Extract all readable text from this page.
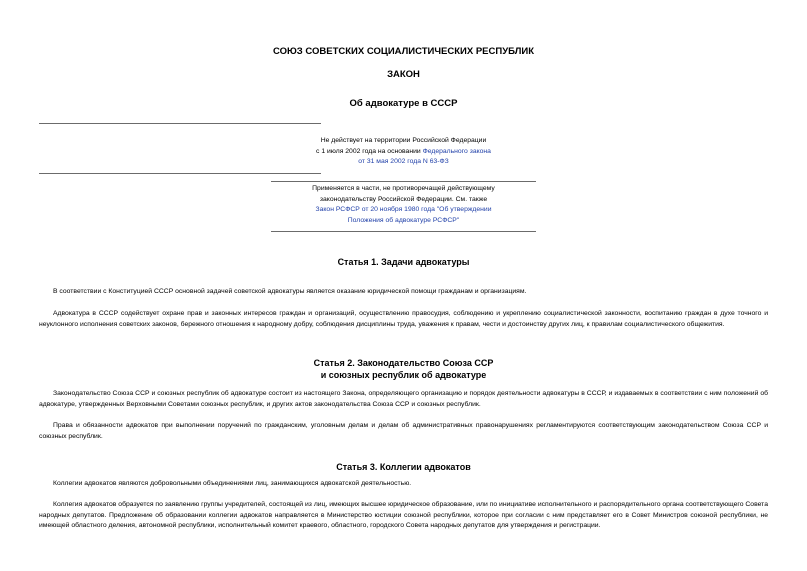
СОЮЗ СОВЕТСКИХ СОЦИАЛИСТИЧЕСКИХ РЕСПУБЛИК
ЗАКОН
Об адвокатуре в СССР
Не действует на территории Российской Федерации
с 1 июля 2002 года на основании Федерального закона
от 31 мая 2002 года N 63-ФЗ
Применяется в части, не противоречащей действующему
законодательству Российской Федерации. См. также
Закон РСФСР от 20 ноября 1980 года "Об утверждении
Положения об адвокатуре РСФСР"
Статья 1. Задачи адвокатуры
В соответствии с Конституцией СССР основной задачей советской адвокатуры является оказание юридической помощи гражданам и организациям.
Адвокатура в СССР содействует охране прав и законных интересов граждан и организаций, осуществлению правосудия, соблюдению и укреплению социалистической законности, воспитанию граждан в духе точного и неуклонного исполнения советских законов, бережного отношения к народному добру, соблюдения дисциплины труда, уважения к правам, чести и достоинству других лиц, к правилам социалистического общежития.
Статья 2. Законодательство Союза ССР
и союзных республик об адвокатуре
Законодательство Союза ССР и союзных республик об адвокатуре состоит из настоящего Закона, определяющего организацию и порядок деятельности адвокатуры в СССР, и издаваемых в соответствии с ним положений об адвокатуре, утвержденных Верховными Советами союзных республик, и других актов законодательства Союза ССР и союзных республик.
Права и обязанности адвокатов при выполнении поручений по гражданским, уголовным делам и делам об административных правонарушениях регламентируются соответствующим законодательством Союза ССР и союзных республик.
Статья 3. Коллегии адвокатов
Коллегии адвокатов являются добровольными объединениями лиц, занимающихся адвокатской деятельностью.
Коллегия адвокатов образуется по заявлению группы учредителей, состоящей из лиц, имеющих высшее юридическое образование, или по инициативе исполнительного и распорядительного органа соответствующего Совета народных депутатов. Предложение об образовании коллегии адвокатов направляется в Министерство юстиции союзной республики, которое при согласии с ним представляет его в Совет Министров союзной республики, не имеющей областного деления, автономной республики, исполнительный комитет краевого, областного, городского Совета народных депутатов для утверждения и регистрации.
